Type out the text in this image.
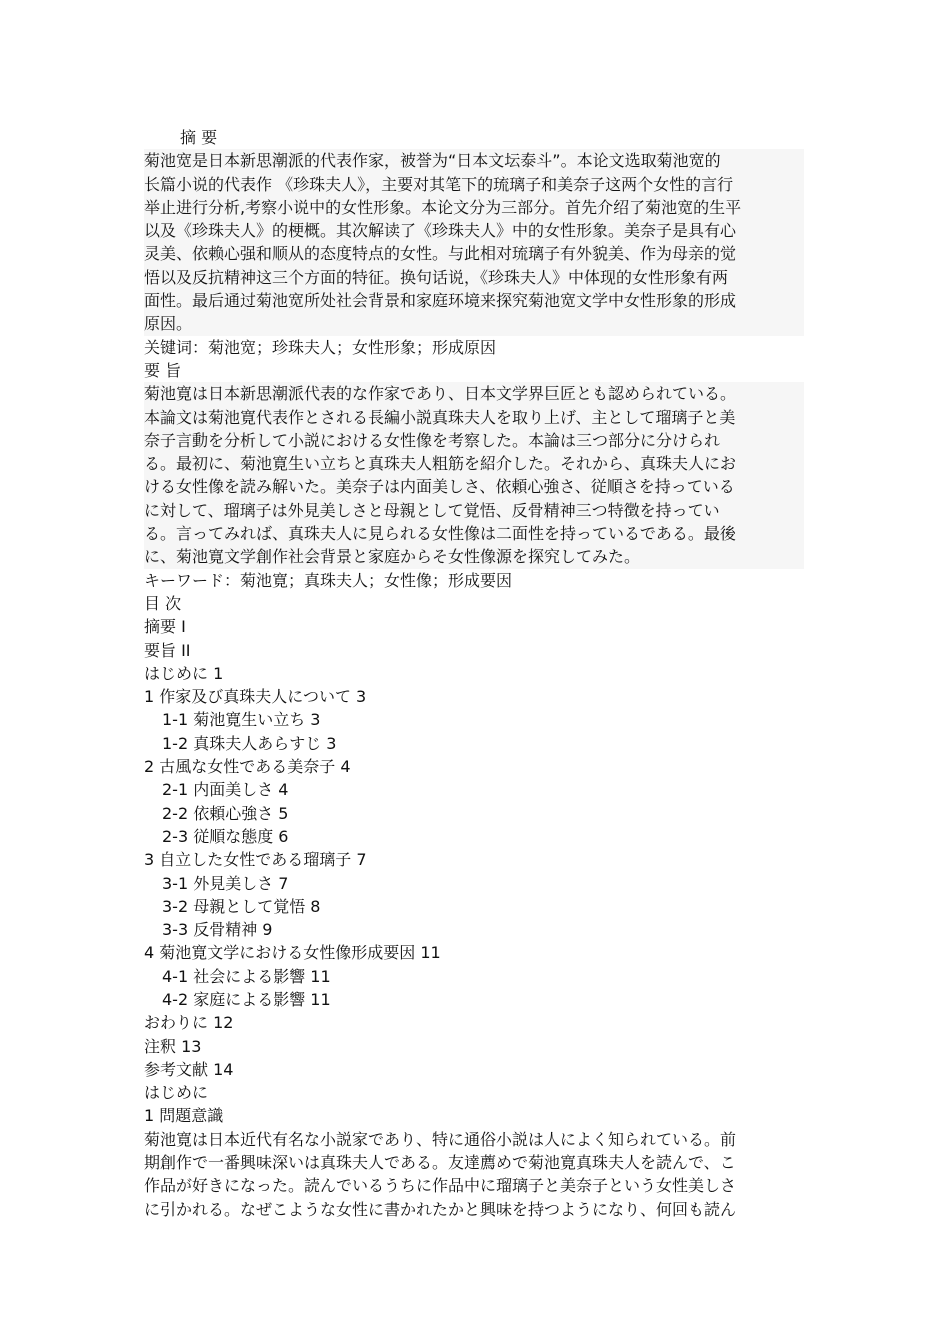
摘 要
菊池宽是日本新思潮派的代表作家，被誉为“日本文坛泰斗”。本论文选取菊池宽的
长篇小说的代表作 《珍珠夫人》，主要对其笔下的琉璃子和美奈子这两个女性的言行
举止进行分析,考察小说中的女性形象。本论文分为三部分。首先介绍了菊池宽的生平
以及《珍珠夫人》的梗概。其次解读了《珍珠夫人》中的女性形象。美奈子是具有心
灵美、依赖心强和顺从的态度特点的女性。与此相对琉璃子有外貌美、作为母亲的觉
悟以及反抗精神这三个方面的特征。换句话说，《珍珠夫人》中体现的女性形象有两
面性。最后通过菊池宽所处社会背景和家庭环境来探究菊池宽文学中女性形象的形成
原因。
关键词：菊池宽；珍珠夫人；女性形象；形成原因
要 旨
菊池寛は日本新思潮派代表的な作家であり、日本文学界巨匠とも認められている。
本論文は菊池寛代表作とされる長編小説真珠夫人を取り上げ、主として瑠璃子と美
奈子言動を分析して小説における女性像を考察した。本論は三つ部分に分けられ
る。最初に、菊池寛生い立ちと真珠夫人粗筋を紹介した。それから、真珠夫人にお
ける女性像を読み解いた。美奈子は内面美しさ、依頼心強さ、従順さを持っている
に対して、瑠璃子は外見美しさと母親として覚悟、反骨精神三つ特徴を持ってい
る。言ってみれば、真珠夫人に見られる女性像は二面性を持っているである。最後
に、菊池寛文学創作社会背景と家庭からそ女性像源を探究してみた。
キーワード：菊池寛；真珠夫人；女性像；形成要因
目 次
摘要 I
要旨 II
はじめに 1
1 作家及び真珠夫人について 3
1-1 菊池寛生い立ち 3
1-2 真珠夫人あらすじ 3
2 古風な女性である美奈子 4
2-1 内面美しさ 4
2-2 依頼心強さ 5
2-3 従順な態度 6
3 自立した女性である瑠璃子 7
3-1 外見美しさ 7
3-2 母親として覚悟 8
3-3 反骨精神 9
4 菊池寛文学における女性像形成要因 11
4-1 社会による影響 11
4-2 家庭による影響 11
おわりに 12
注釈 13
参考文献 14
はじめに
1 問題意識
菊池寛は日本近代有名な小説家であり、特に通俗小説は人によく知られている。前
期創作で一番興味深いは真珠夫人である。友達薦めで菊池寛真珠夫人を読んで、こ
作品が好きになった。読んでいるうちに作品中に瑠璃子と美奈子という女性美しさ
に引かれる。なぜこような女性に書かれたかと興味を持つようになり、何回も読ん
